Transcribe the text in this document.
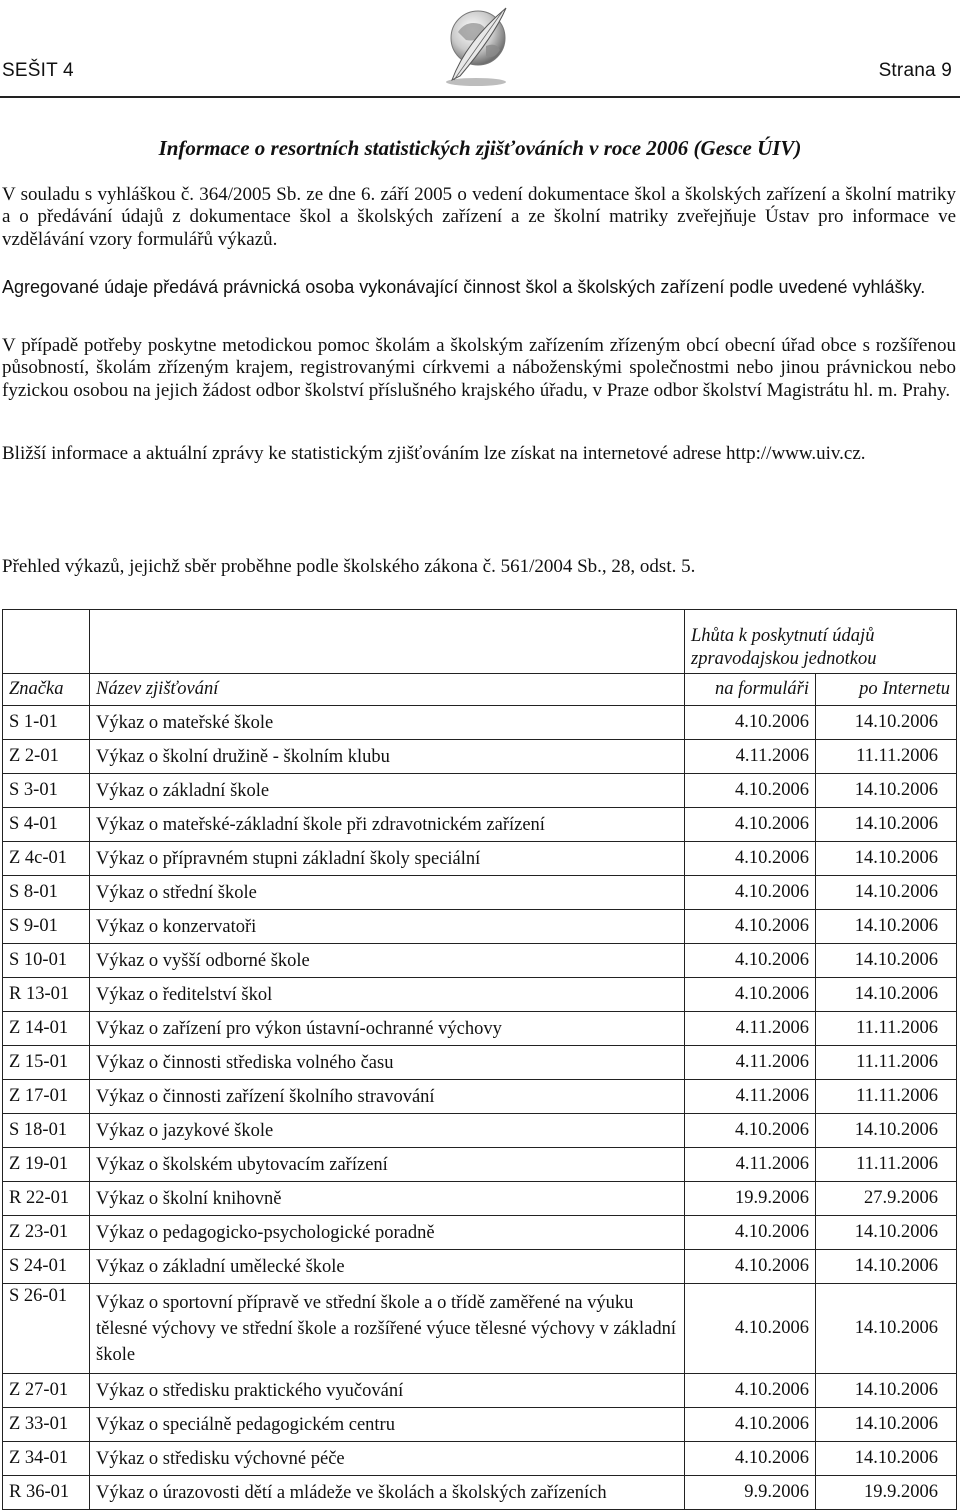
SEŠIT 4	Strana 9
Informace o resortních statistických zjišťováních v roce 2006 (Gesce ÚIV)

V souladu s vyhláškou č. 364/2005 Sb. ze dne 6. září 2005 o vedení dokumentace škol a školských zařízení a školní matriky a o předávání údajů z dokumentace škol a školských zařízení a ze školní matriky zveřejňuje Ústav pro informace ve vzdělávání vzory formulářů výkazů.

Agregované údaje předává právnická osoba vykonávající činnost škol a školských zařízení podle uvedené vyhlášky.

V případě potřeby poskytne metodickou pomoc školám a školským zařízením zřízeným obcí obecní úřad obce s rozšířenou působností, školám zřízeným krajem, registrovanými církvemi a náboženskými společnostmi nebo jinou právnickou nebo fyzickou osobou na jejich žádost odbor školství příslušného krajského úřadu, v Praze odbor školství Magistrátu hl. m. Prahy.

Bližší informace a aktuální zprávy ke statistickým zjišťováním lze získat na internetové adrese http://www.uiv.cz.

Přehled výkazů, jejichž sběr proběhne podle školského zákona č. 561/2004 Sb., 28, odst. 5.

		Lhůta k poskytnutí údajů zpravodajskou jednotkou	

Značka	Název zjišťování	na formuláři	po Internetu
S 1-01	Výkaz o mateřské škole	4.10.2006	14.10.2006
Z 2-01	Výkaz o školní družině - školním klubu	4.11.2006	11.11.2006
S 3-01	Výkaz o základní škole	4.10.2006	14.10.2006
S 4-01	Výkaz o mateřské-základní škole při zdravotnickém zařízení	4.10.2006	14.10.2006
Z 4c-01	Výkaz o přípravném stupni základní školy speciální	4.10.2006	14.10.2006
S 8-01	Výkaz o střední škole	4.10.2006	14.10.2006
S 9-01	Výkaz o konzervatoři	4.10.2006	14.10.2006
S 10-01	Výkaz o vyšší odborné škole	4.10.2006	14.10.2006
R 13-01	Výkaz o ředitelství škol	4.10.2006	14.10.2006
Z 14-01	Výkaz o zařízení pro výkon ústavní-ochranné výchovy	4.11.2006	11.11.2006
Z 15-01	Výkaz o činnosti střediska volného času	4.11.2006	11.11.2006
Z 17-01	Výkaz o činnosti zařízení školního stravování	4.11.2006	11.11.2006
S 18-01	Výkaz o jazykové škole	4.10.2006	14.10.2006
Z 19-01	Výkaz o školském ubytovacím zařízení	4.11.2006	11.11.2006
R 22-01	Výkaz o školní knihovně	19.9.2006	27.9.2006
Z 23-01	Výkaz o pedagogicko-psychologické poradně	4.10.2006	14.10.2006
S 24-01	Výkaz o základní umělecké škole	4.10.2006	14.10.2006
S 26-01	Výkaz o sportovní přípravě ve střední škole a o třídě zaměřené na výuku tělesné výchovy ve střední škole a rozšířené výuce tělesné výchovy v základní škole	4.10.2006	14.10.2006
Z 27-01	Výkaz o středisku praktického vyučování	4.10.2006	14.10.2006
Z 33-01	Výkaz o speciálně pedagogickém centru	4.10.2006	14.10.2006
Z 34-01	Výkaz o středisku výchovné péče	4.10.2006	14.10.2006
R 36-01	Výkaz o úrazovosti dětí a mládeže ve školách a školských zařízeních	9.9.2006	19.9.2006
